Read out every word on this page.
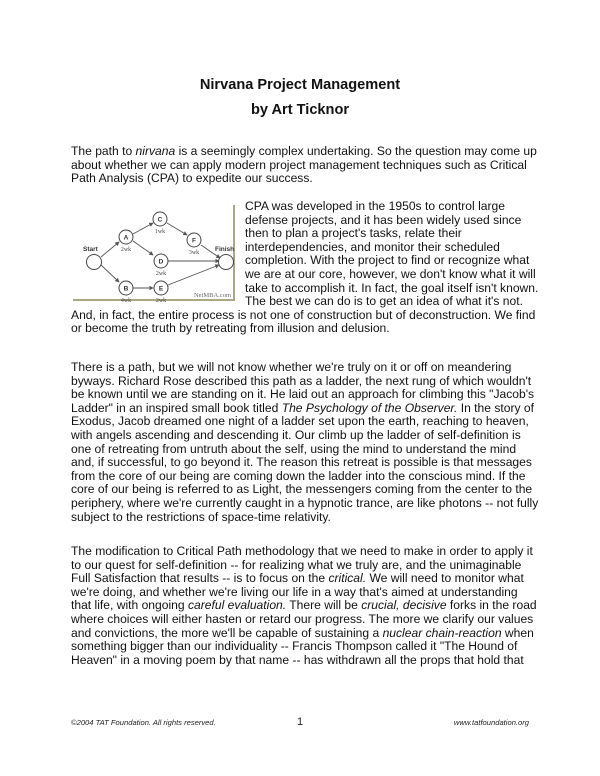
Nirvana Project Management
by Art Ticknor

The path to nirvana is a seemingly complex undertaking. So the question may come up about whether we can apply modern project management techniques such as Critical Path Analysis (CPA) to expedite our success.

Start	Finish
A
C
F
D
B	E
2wk
1wk
3wk
2wk
4wk	2wk
NetMBA.com
CPA was developed in the 1950s to control large defense projects, and it has been widely used since then to plan a project's tasks, relate their interdependencies, and monitor their scheduled completion. With the project to find or recognize what we are at our core, however, we don't know what it will take to accomplish it. In fact, the goal itself isn't known. The best we can do is to get an idea of what it's not. And, in fact, the entire process is not one of construction but of deconstruction. We find or become the truth by retreating from illusion and delusion.

There is a path, but we will not know whether we're truly on it or off on meandering byways. Richard Rose described this path as a ladder, the next rung of which wouldn't be known until we are standing on it. He laid out an approach for climbing this "Jacob's Ladder" in an inspired small book titled The Psychology of the Observer. In the story of Exodus, Jacob dreamed one night of a ladder set upon the earth, reaching to heaven, with angels ascending and descending it. Our climb up the ladder of self-definition is one of retreating from untruth about the self, using the mind to understand the mind and, if successful, to go beyond it. The reason this retreat is possible is that messages from the core of our being are coming down the ladder into the conscious mind. If the core of our being is referred to as Light, the messengers coming from the center to the periphery, where we're currently caught in a hypnotic trance, are like photons -- not fully subject to the restrictions of space-time relativity.

The modification to Critical Path methodology that we need to make in order to apply it to our quest for self-definition -- for realizing what we truly are, and the unimaginable Full Satisfaction that results -- is to focus on the critical. We will need to monitor what we're doing, and whether we're living our life in a way that's aimed at understanding that life, with ongoing careful evaluation. There will be crucial, decisive forks in the road where choices will either hasten or retard our progress. The more we clarify our values and convictions, the more we'll be capable of sustaining a nuclear chain-reaction when something bigger than our individuality -- Francis Thompson called it "The Hound of Heaven" in a moving poem by that name -- has withdrawn all the props that hold that

©2004 TAT Foundation. All rights reserved.	1	www.tatfoundation.org
